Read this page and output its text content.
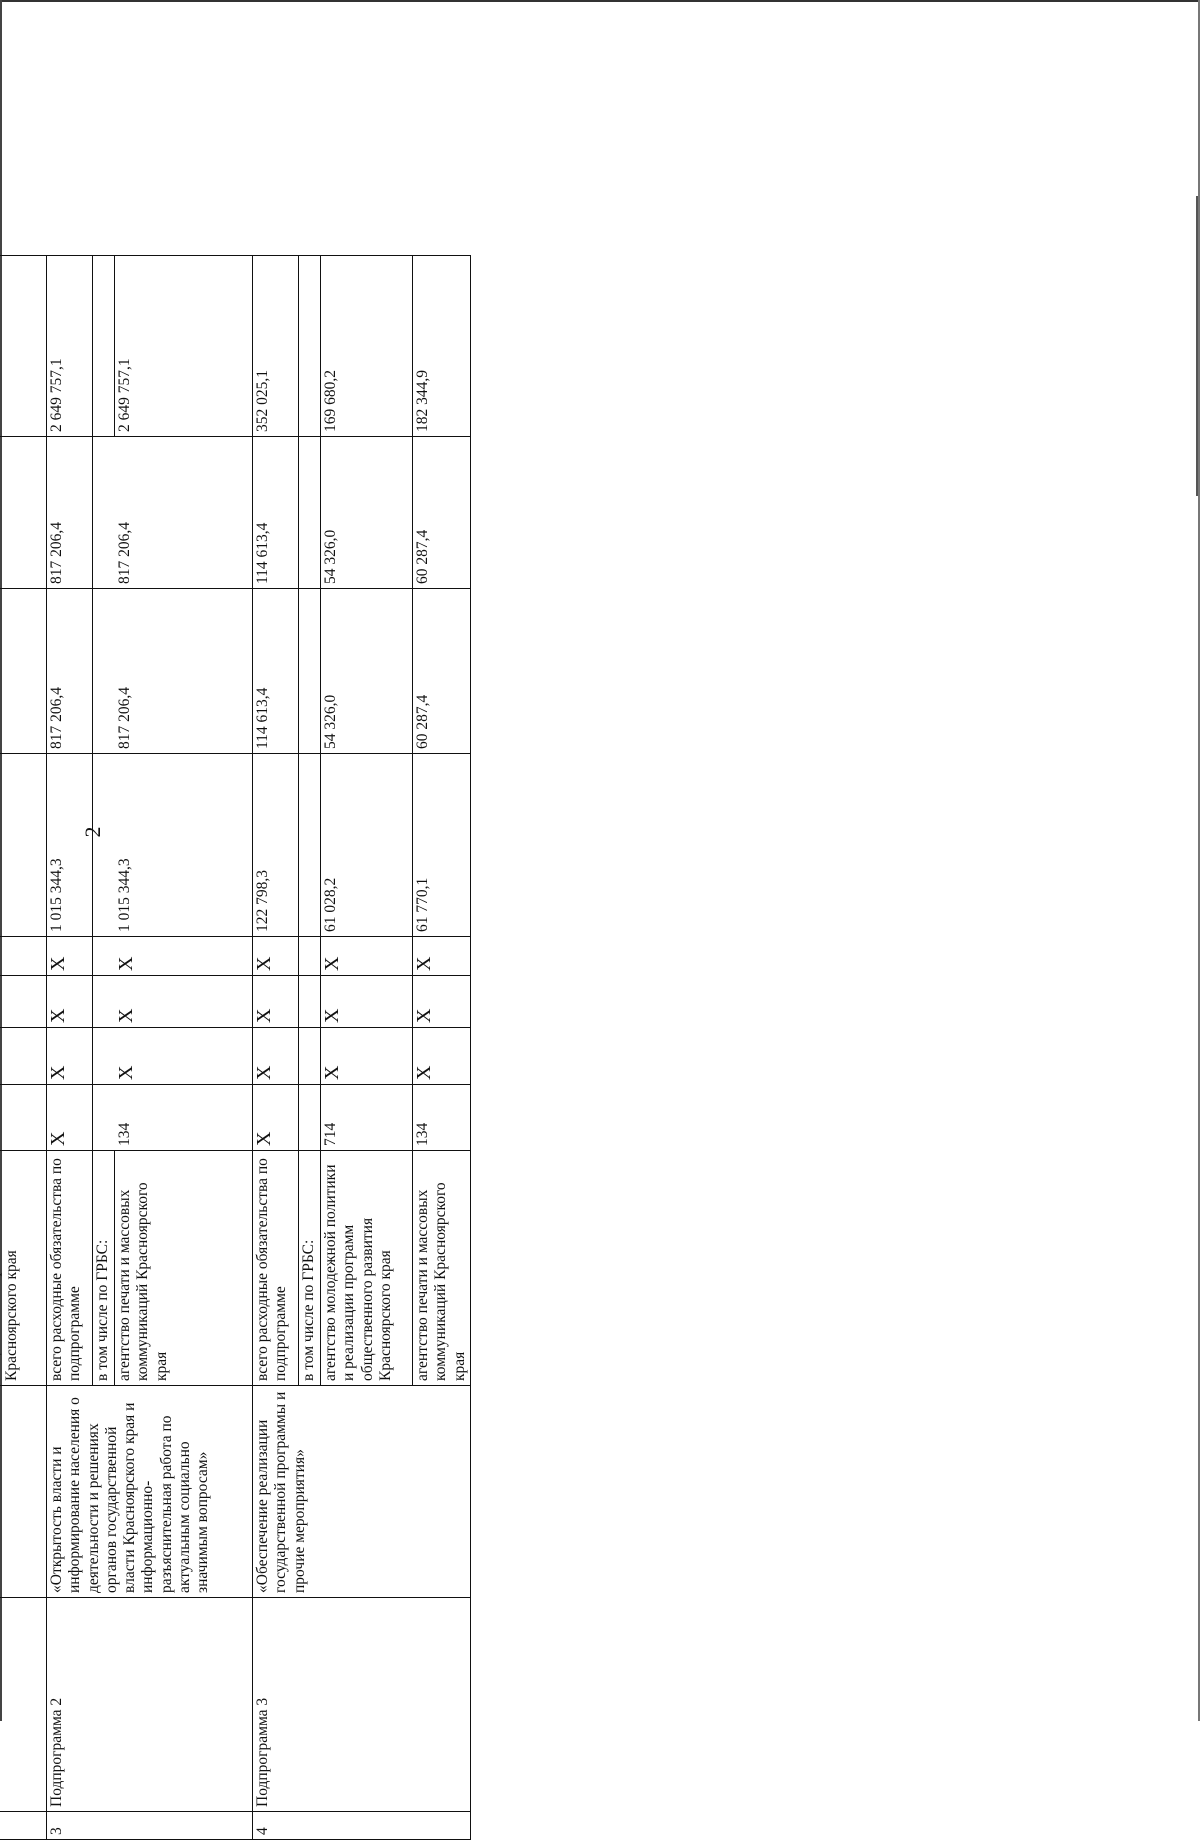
2

			Красноярского края								
3	Подпрограмма 2	«Открытость власти и информирование населения о деятельности и решениях органов государственной власти Красноярского края и информационно-разъяснительная работа по актуальным социально значимым вопросам»	всего расходные обязательства по подпрограмме	X	X	X	X	1 015 344,3	817 206,4	817 206,4	2 649 757,1
			в том числе по ГРБС:								
			агентство печати и массовых коммуникаций Красноярского края	134	X	X	X	1 015 344,3	817 206,4	817 206,4	2 649 757,1
4	Подпрограмма 3	«Обеспечение реализации государственной программы и прочие мероприятия»	всего расходные обязательства по подпрограмме	X	X	X	X	122 798,3	114 613,4	114 613,4	352 025,1
			в том числе по ГРБС:								
			агентство молодежной политики и реализации программ общественного развития Красноярского края	714	X	X	X	61 028,2	54 326,0	54 326,0	169 680,2
			агентство печати и массовых коммуникаций Красноярского края	134	X	X	X	61 770,1	60 287,4	60 287,4	182 344,9
